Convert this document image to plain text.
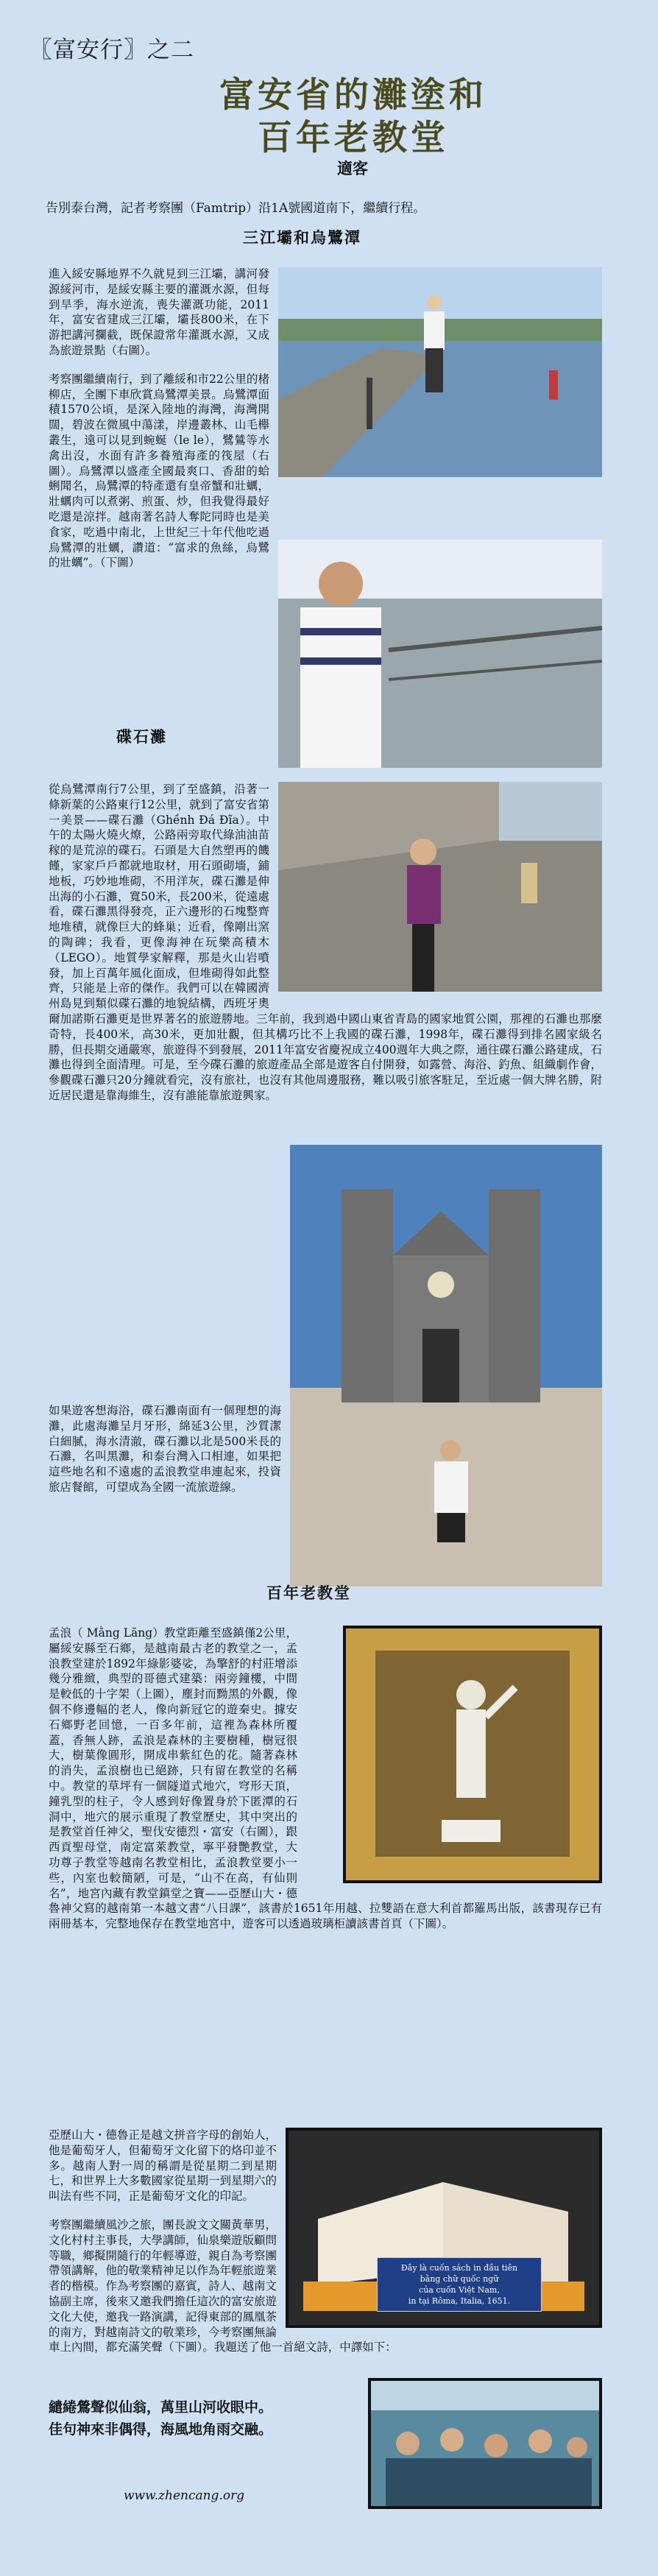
〖富安行〗之二
富安省的灘塗和
百年老教堂
適客
告別泰台灣，記者考察團（Famtrip）沿1A號國道南下，繼續行程。
三江壩和烏鷺潭

進入綏安縣地界不久就見到三江壩，講河發源綏河市，是綏安縣主要的灌溉水源，但每到旱季，海水逆流，喪失灌溉功能，2011年，富安省建成三江壩，壩長800米，在下游把講河攔截，既保證常年灌溉水源，又成為旅遊景點（右圖）。

考察團繼續南行，到了離綏和市22公里的楮柳店，全團下車欣賞烏鷺潭美景。烏鷺潭面積1570公頃，是深入陸地的海灣，海灣開闊，碧波在微風中蕩漾，岸邊叢林、山毛櫸叢生，遠可以見到蜿蜒（le le），鷺鷥等水禽出沒，水面有許多養殖海產的筏屋（右圖）。烏鷺潭以盛產全國最爽口、香甜的蛤蜊聞名，烏鷺潭的特產還有皇帝蟹和壯蠣，壯蠣肉可以煮粥、煎蛋、炒，但我覺得最好吃還是涼拌。越南著名詩人奪陀同時也是美食家，吃過中南北，上世紀三十年代他吃過烏鷺潭的壯蠣，讚道：“富求的魚絲，烏鷺的壯蠣”。（下圖）

碟石灘

從烏鷺潭南行7公里，到了至盛鎮，沿著一條新葉的公路東行12公里，就到了富安省第一美景——碟石灘（Ghềnh Đá Đĩa）。中午的太陽火燒火燎，公路兩旁取代綠油油苗稼的是荒涼的碟石。石頭是大自然塑再的饑饉，家家戶戶都就地取材，用石頭砌墻，鋪地板，巧妙地堆砌，不用洋灰，碟石灘是伸出海的小石灘，寬50米，長200米，從遠處看，碟石灘黑得發亮，正六邊形的石塊整齊地堆積，就像巨大的蜂巢；近看，像剛出窯的陶碑；我看，更像海神在玩樂高積木（LEGO）。地質學家解釋，那是火山岩噴發，加上百萬年風化面成，但堆砌得如此整齊，只能是上帝的傑作。我們可以在韓國濟州島見到類似碟石灘的地貌結構，西班牙奧爾加諾斯石灘更是世界著名的旅遊勝地。三年前，我到過中國山東省青島的國家地質公園，那裡的石灘也那麼奇特，長400米，高30米，更加壯觀，但其構巧比不上我國的碟石灘，1998年，碟石灘得到排名國家級名勝，但長期交通嚴寒，旅遊得不到發展，2011年富安省慶祝成立400週年大典之際，通往碟石灘公路建成，石灘也得到全面清理。可是，至今碟石灘的旅遊產品全部是遊客自付開發，如露營、海浴、釣魚、組織劇作會，參觀碟石灘只20分鐘就看完，沒有旅社，也沒有其他周邊服務，難以吸引旅客駐足，至近處一個大牌名勝，附近居民還是靠海維生，沒有誰能靠旅遊興家。

如果遊客想海浴，碟石灘南面有一個理想的海灘，此處海灘呈月牙形，綿延3公里，沙質潔白細膩，海水清澈，碟石灘以北是500米長的石灘，名叫黑灘，和泰台灣入口相連，如果把這些地名和不遠處的孟浪教堂串連起來，投資旅店餐館，可望成為全國一流旅遊線。

百年老教堂

孟浪（ Mằng Lăng）教堂距離至盛鎮僅2公里，屬綏安縣至石鄉，是越南最古老的教堂之一，孟浪教堂建於1892年綠影婆娑，為擎舒的村莊增添幾分雅緻，典型的哥德式建築：兩旁鐘樓，中間是較低的十字架（上圖），塵封而黝黑的外觀，像個不修邊幅的老人，像向新冠它的遊秦史。據安石鄉野老回憶，一百多年前，這裡為森林所覆蓋，香無人跡，孟浪是森林的主要樹種，樹冠很大，樹葉像圓形，開成串紫紅色的花。隨著森林的消失，孟浪樹也已絕跡，只有留在教堂的名稱中。教堂的草坪有一個隧道式地穴，穹形天頂，鐘乳型的柱子，令人感到好像置身於下匿潭的石洞中，地穴的展示重現了教堂歷史，其中突出的是教堂首任神父，聖伐安德烈・富安（右圖），跟西貢聖母堂，南定富萊教堂，寧平發艷教堂，大功尊子教堂等越南名教堂相比，孟浪教堂要小一些，內室也較簡陋，可是，“山不在高，有仙則名”，地宮內藏有教堂鎮堂之寶——亞歷山大・德魯神父寫的越南第一本越文書“八日課”，該書於1651年用越、拉雙語在意大利首都羅馬出版，該書現存已有兩冊基本，完整地保存在教堂地宮中，遊客可以透過玻璃柜讀該書首頁（下圖）。

Đây là cuốn sách in đầu tiên
bằng chữ quốc ngữ
của cuốn Việt Nam,
in tại Rôma, Italia, 1651.

亞歷山大・德魯正是越文拼音字母的創始人，他是葡萄牙人，但葡萄牙文化留下的烙印並不多。越南人對一周的稱謂是從星期二到星期七，和世界上大多數國家從星期一到星期六的叫法有些不同，正是葡萄牙文化的印記。

考察團繼續風沙之旅，團長說文文關黃華男，文化村村主事長，大學講師，仙泉樂遊版顧問等職，鄉擬開隨行的年輕導遊，親自為考察團帶領講解，他的敬業精神足以作為年輕旅遊業者的楷模。作為考察團的嘉賓，詩人、越南文協副主席，後來又邀我們擔任這次的富安旅遊文化大使，邀我一路演講，記得東部的鳳凰茶的南方，對越南詩文的敬業珍，今考察團無論車上內間，都充滿笑聲（下圖）。我題送了他一首絕文詩，中譯如下：

繾綣鶯聲似仙翁，萬里山河收眼中。
佳句神來非偶得，海風地角雨交融。
www.zhencang.org
